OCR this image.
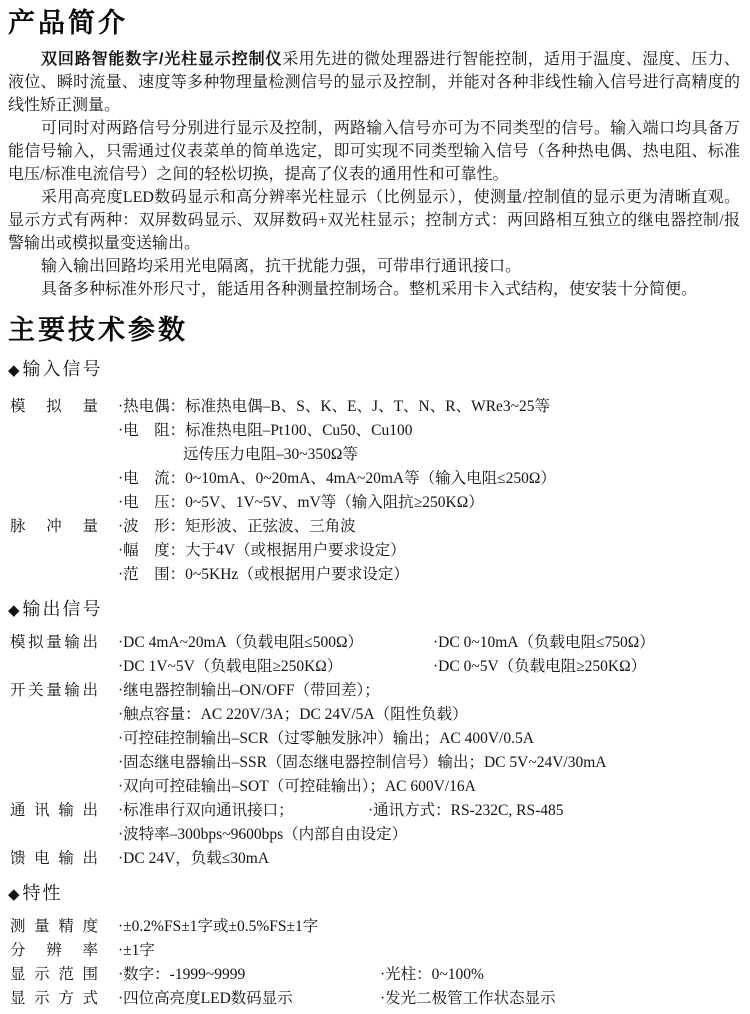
产品简介

双回路智能数字/光柱显示控制仪采用先进的微处理器进行智能控制，适用于温度、湿度、压力、液位、瞬时流量、速度等多种物理量检测信号的显示及控制，并能对各种非线性输入信号进行高精度的线性矫正测量。

可同时对两路信号分别进行显示及控制，两路输入信号亦可为不同类型的信号。输入端口均具备万能信号输入，只需通过仪表菜单的简单选定，即可实现不同类型输入信号（各种热电偶、热电阻、标准电压/标准电流信号）之间的轻松切换，提高了仪表的通用性和可靠性。

采用高亮度LED数码显示和高分辨率光柱显示（比例显示），使测量/控制值的显示更为清晰直观。显示方式有两种：双屏数码显示、双屏数码+双光柱显示；控制方式：两回路相互独立的继电器控制/报警输出或模拟量变送输出。

输入输出回路均采用光电隔离，抗干扰能力强，可带串行通讯接口。

具备多种标准外形尺寸，能适用各种测量控制场合。整机采用卡入式结构，使安装十分简便。

主要技术参数
◆ 输入信号
模拟量 ·热电偶：标准热电偶–B、S、K、E、J、T、N、R、WRe3~25等
·电　阻：标准热电阻–Pt100、Cu50、Cu100
远传压力电阻–30~350Ω等
·电　流：0~10mA、0~20mA、4mA~20mA等（输入电阻≤250Ω）
·电　压：0~5V、1V~5V、mV等（输入阻抗≥250KΩ）
脉冲量 ·波　形：矩形波、正弦波、三角波
·幅　度：大于4V（或根据用户要求设定）
·范　围：0~5KHz（或根据用户要求设定）
◆ 输出信号
模拟量输出 ·DC 4mA~20mA（负载电阻≤500Ω）	·DC 0~10mA（负载电阻≤750Ω）
·DC 1V~5V（负载电阻≥250KΩ）	·DC 0~5V（负载电阻≥250KΩ）
开关量输出 ·继电器控制输出–ON/OFF（带回差）；
·触点容量：AC 220V/3A；DC 24V/5A（阻性负载）
·可控硅控制输出–SCR（过零触发脉冲）输出；AC 400V/0.5A
·固态继电器输出–SSR（固态继电器控制信号）输出；DC 5V~24V/30mA
·双向可控硅输出–SOT（可控硅输出）；AC 600V/16A
通讯输出 ·标准串行双向通讯接口；	·通讯方式：RS-232C, RS-485
·波特率–300bps~9600bps（内部自由设定）
馈电输出 ·DC 24V，负载≤30mA
◆ 特性
测量精度 ·±0.2%FS±1字或±0.5%FS±1字
分辨率 ·±1字
显示范围 ·数字：-1999~9999	·光柱：0~100%
显示方式 ·四位高亮度LED数码显示	·发光二极管工作状态显示
